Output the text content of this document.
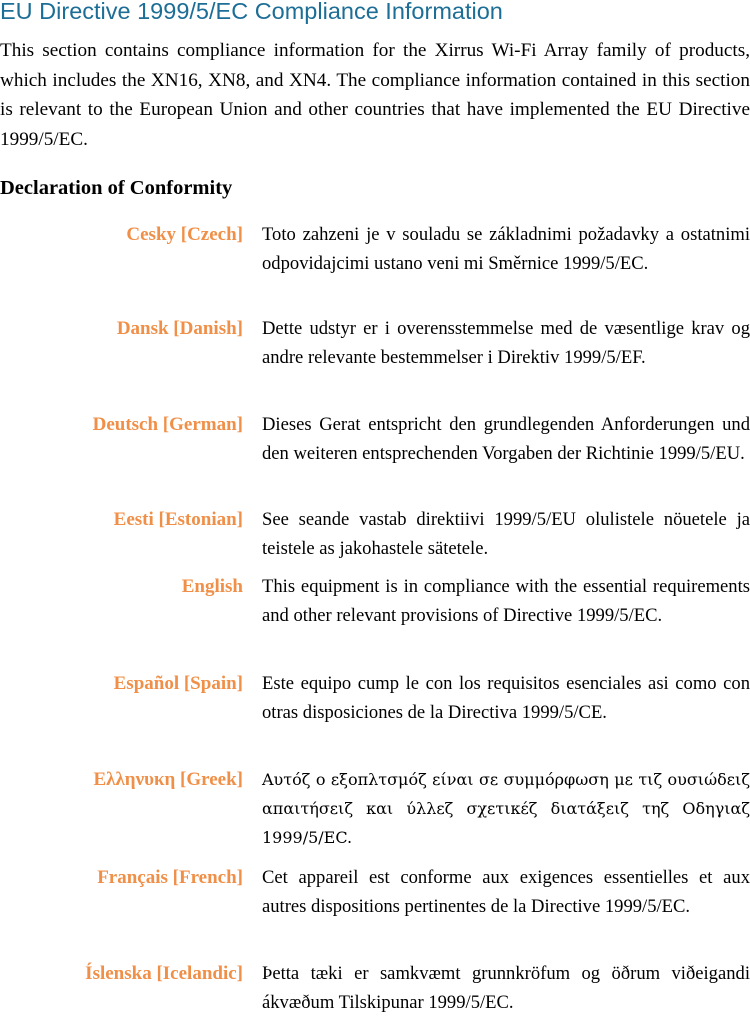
EU Directive 1999/5/EC Compliance Information

This section contains compliance information for the Xirrus Wi-Fi Array family of products, which includes the XN16, XN8, and XN4. The compliance information contained in this section is relevant to the European Union and other countries that have implemented the EU Directive 1999/5/EC.

Declaration of Conformity
Cesky [Czech] Toto zahzeni je v souladu se základnimi požadavky a ostatnimi odpovidajcimi ustano veni mi Směrnice 1999/5/EC.
Dansk [Danish] Dette udstyr er i overensstemmelse med de væsentlige krav og andre relevante bestemmelser i Direktiv 1999/5/EF.
Deutsch [German] Dieses Gerat entspricht den grundlegenden Anforderungen und den weiteren entsprechenden Vorgaben der Richtinie 1999/5/EU.
Eesti [Estonian] See seande vastab direktiivi 1999/5/EU olulistele nöuetele ja teistele as jakohastele sätetele.
English This equipment is in compliance with the essential requirements and other relevant provisions of Directive 1999/5/EC.
Español [Spain] Este equipo cump le con los requisitos esenciales asi como con otras disposiciones de la Directiva 1999/5/CE.
Ελληνυκη [Greek] Αυτόζ ο εξοπλτσμόζ είναι σε συμμόρφωση με τιζ ουσιώδειζ απαιτήσειζ και ύλλεζ σχετικέζ διατάξειζ τηζ Οδηγιαζ 1999/5/EC.
Français [French] Cet appareil est conforme aux exigences essentielles et aux autres dispositions pertinentes de la Directive 1999/5/EC.
Íslenska [Icelandic] Þetta tæki er samkvæmt grunnkröfum og öðrum viðeigandi ákvæðum Tilskipunar 1999/5/EC.
